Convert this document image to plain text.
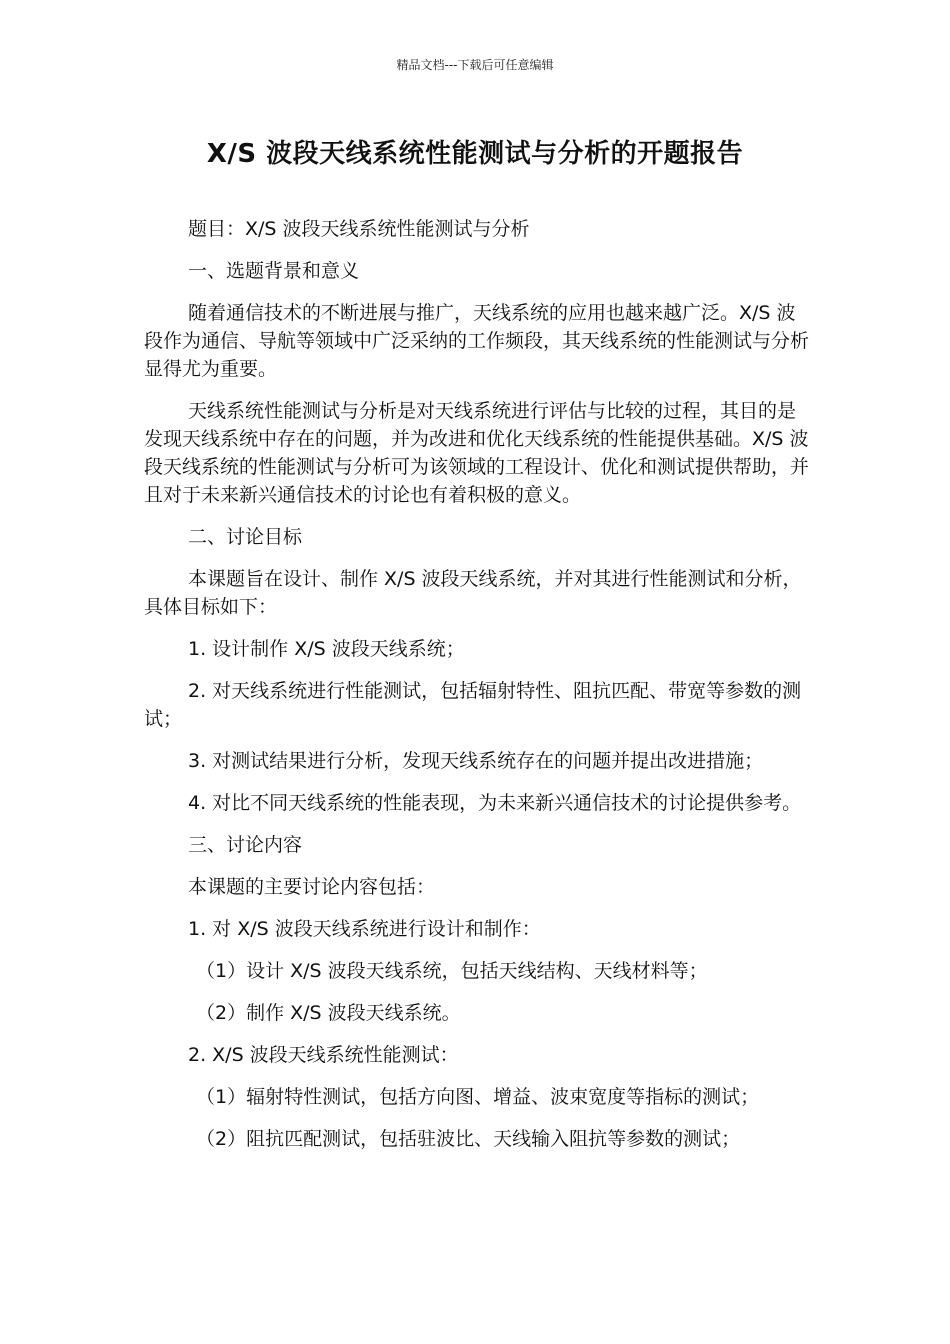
精品文档---下载后可任意编辑
X/S 波段天线系统性能测试与分析的开题报告

题目：X/S 波段天线系统性能测试与分析

一、选题背景和意义

随着通信技术的不断进展与推广，天线系统的应用也越来越广泛。X/S 波段作为通信、导航等领域中广泛采纳的工作频段，其天线系统的性能测试与分析显得尤为重要。

天线系统性能测试与分析是对天线系统进行评估与比较的过程，其目的是发现天线系统中存在的问题，并为改进和优化天线系统的性能提供基础。X/S 波段天线系统的性能测试与分析可为该领域的工程设计、优化和测试提供帮助，并且对于未来新兴通信技术的讨论也有着积极的意义。

二、讨论目标

本课题旨在设计、制作 X/S 波段天线系统，并对其进行性能测试和分析，具体目标如下：

1. 设计制作 X/S 波段天线系统；

2. 对天线系统进行性能测试，包括辐射特性、阻抗匹配、带宽等参数的测试；

3. 对测试结果进行分析，发现天线系统存在的问题并提出改进措施；

4. 对比不同天线系统的性能表现，为未来新兴通信技术的讨论提供参考。

三、讨论内容

本课题的主要讨论内容包括：

1. 对 X/S 波段天线系统进行设计和制作：

（1）设计 X/S 波段天线系统，包括天线结构、天线材料等；

（2）制作 X/S 波段天线系统。

2. X/S 波段天线系统性能测试：

（1）辐射特性测试，包括方向图、增益、波束宽度等指标的测试；

（2）阻抗匹配测试，包括驻波比、天线输入阻抗等参数的测试；
